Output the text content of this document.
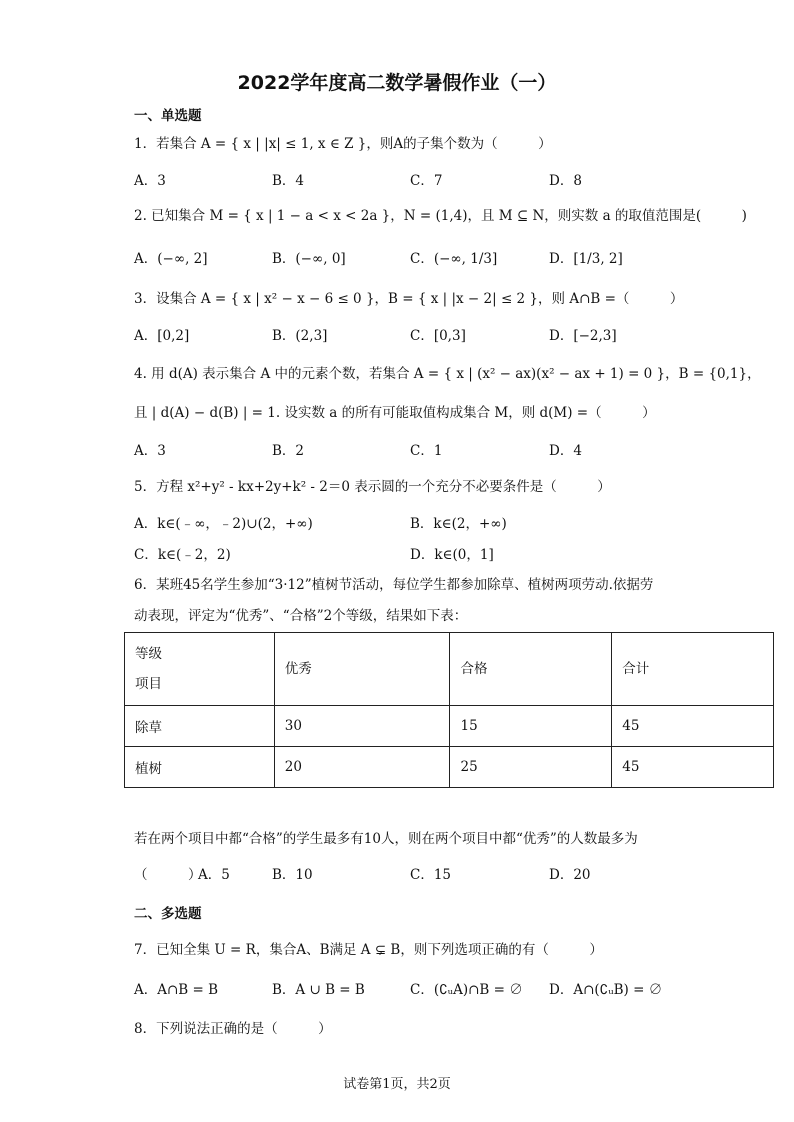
2022学年度高二数学暑假作业（一）
一、单选题
1．若集合 A = { x | |x| ≤ 1, x ∈ Z }，则A的子集个数为（　　　）
A．3	B．4	C．7	D．8
2. 已知集合 M = { x | 1 − a < x < 2a }，N = (1,4)，且 M ⊆ N，则实数 a 的取值范围是(　　　)
A．(−∞, 2]	B．(−∞, 0]	C．(−∞, 1/3]	D．[1/3, 2]
3．设集合 A = { x | x² − x − 6 ≤ 0 }，B = { x | |x − 2| ≤ 2 }，则 A∩B =（　　　）
A．[0,2]	B．(2,3]	C．[0,3]	D．[−2,3]
4. 用 d(A) 表示集合 A 中的元素个数，若集合 A = { x | (x² − ax)(x² − ax + 1) = 0 }，B = {0,1}，
且 | d(A) − d(B) | = 1. 设实数 a 的所有可能取值构成集合 M，则 d(M) =（　　　）
A．3	B．2	C．1	D．4
5．方程 x²+y² - kx+2y+k² - 2＝0 表示圆的一个充分不必要条件是（　　　）
A．k∈(﹣∞，﹣2)∪(2，+∞)	B．k∈(2，+∞)
C．k∈(﹣2，2)	D．k∈(0，1]
6．某班45名学生参加“3·12”植树节活动，每位学生都参加除草、植树两项劳动.依据劳
动表现，评定为“优秀”、“合格”2个等级，结果如下表：
等级
项目	优秀	合格	合计
除草	30	15	45
植树	20	25	45
若在两个项目中都“合格”的学生最多有10人，则在两个项目中都“优秀”的人数最多为
（　　　）
A．5	B．10	C．15	D．20
二、多选题
7．已知全集 U = R，集合A、B满足 A ⊊ B，则下列选项正确的有（　　　）
A．A∩B = B	B．A ∪ B = B	C．(∁ᵤA)∩B = ∅ D．A∩(∁ᵤB) = ∅
8．下列说法正确的是（　　　）
试卷第1页，共2页
